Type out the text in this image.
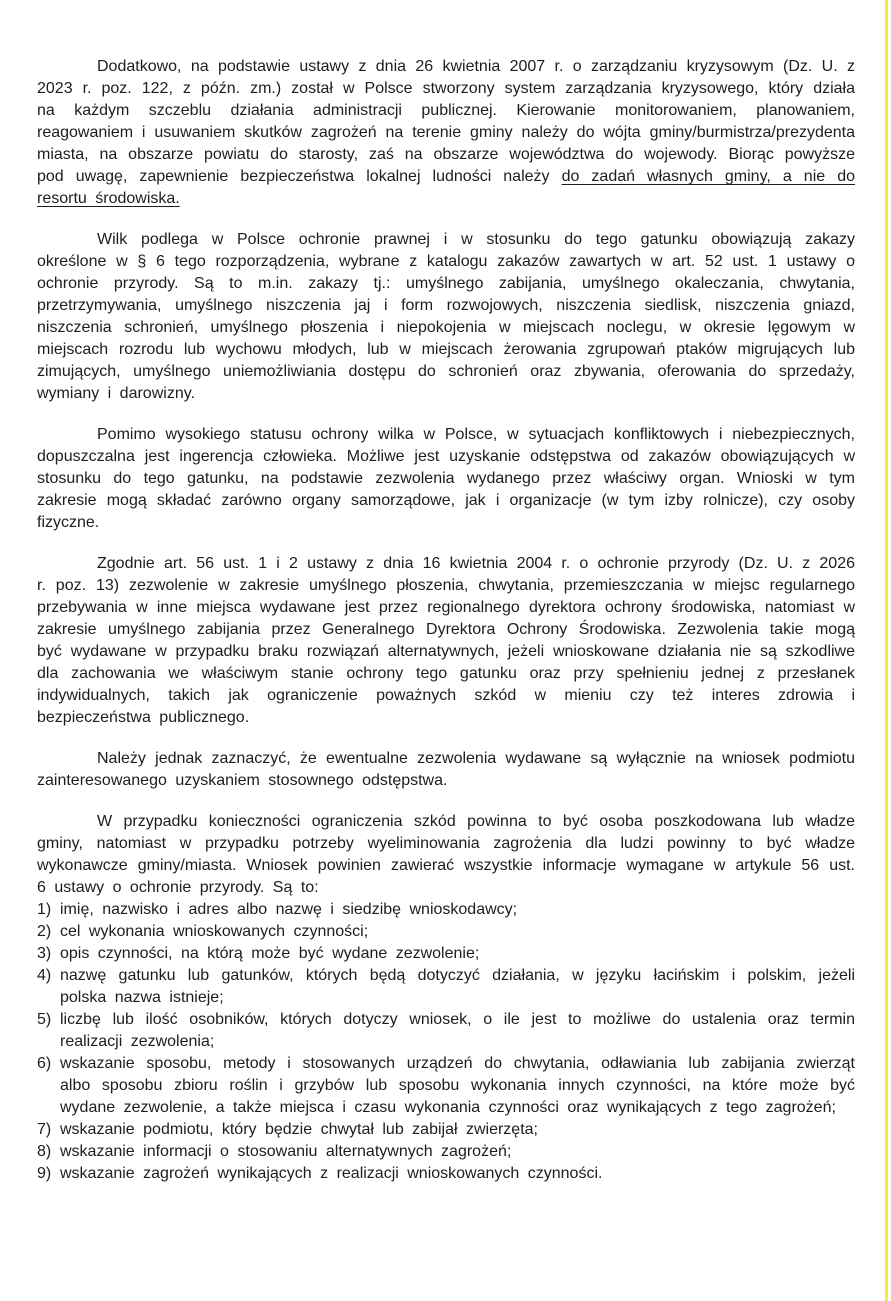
Dodatkowo, na podstawie ustawy z dnia 26 kwietnia 2007 r. o zarządzaniu kryzysowym (Dz. U. z 2023 r. poz. 122, z późn. zm.) został w Polsce stworzony system zarządzania kryzysowego, który działa na każdym szczeblu działania administracji publicznej. Kierowanie monitorowaniem, planowaniem, reagowaniem i usuwaniem skutków zagrożeń na terenie gminy należy do wójta gminy/burmistrza/prezydenta miasta, na obszarze powiatu do starosty, zaś na obszarze województwa do wojewody. Biorąc powyższe pod uwagę, zapewnienie bezpieczeństwa lokalnej ludności należy do zadań własnych gminy, a nie do resortu środowiska.

Wilk podlega w Polsce ochronie prawnej i w stosunku do tego gatunku obowiązują zakazy określone w § 6 tego rozporządzenia, wybrane z katalogu zakazów zawartych w art. 52 ust. 1 ustawy o ochronie przyrody. Są to m.in. zakazy tj.: umyślnego zabijania, umyślnego okaleczania, chwytania, przetrzymywania, umyślnego niszczenia jaj i form rozwojowych, niszczenia siedlisk, niszczenia gniazd, niszczenia schronień, umyślnego płoszenia i niepokojenia w miejscach noclegu, w okresie lęgowym w miejscach rozrodu lub wychowu młodych, lub w miejscach żerowania zgrupowań ptaków migrujących lub zimujących, umyślnego uniemożliwiania dostępu do schronień oraz zbywania, oferowania do sprzedaży, wymiany i darowizny.

Pomimo wysokiego statusu ochrony wilka w Polsce, w sytuacjach konfliktowych i niebezpiecznych, dopuszczalna jest ingerencja człowieka. Możliwe jest uzyskanie odstępstwa od zakazów obowiązujących w stosunku do tego gatunku, na podstawie zezwolenia wydanego przez właściwy organ. Wnioski w tym zakresie mogą składać zarówno organy samorządowe, jak i organizacje (w tym izby rolnicze), czy osoby fizyczne.

Zgodnie art. 56 ust. 1 i 2 ustawy z dnia 16 kwietnia 2004 r. o ochronie przyrody (Dz. U. z 2026 r. poz. 13) zezwolenie w zakresie umyślnego płoszenia, chwytania, przemieszczania w miejsc regularnego przebywania w inne miejsca wydawane jest przez regionalnego dyrektora ochrony środowiska, natomiast w zakresie umyślnego zabijania przez Generalnego Dyrektora Ochrony Środowiska. Zezwolenia takie mogą być wydawane w przypadku braku rozwiązań alternatywnych, jeżeli wnioskowane działania nie są szkodliwe dla zachowania we właściwym stanie ochrony tego gatunku oraz przy spełnieniu jednej z przesłanek indywidualnych, takich jak ograniczenie poważnych szkód w mieniu czy też interes zdrowia i bezpieczeństwa publicznego.

Należy jednak zaznaczyć, że ewentualne zezwolenia wydawane są wyłącznie na wniosek podmiotu zainteresowanego uzyskaniem stosownego odstępstwa.

W przypadku konieczności ograniczenia szkód powinna to być osoba poszkodowana lub władze gminy, natomiast w przypadku potrzeby wyeliminowania zagrożenia dla ludzi powinny to być władze wykonawcze gminy/miasta. Wniosek powinien zawierać wszystkie informacje wymagane w artykule 56 ust. 6 ustawy o ochronie przyrody. Są to:

1) imię, nazwisko i adres albo nazwę i siedzibę wnioskodawcy;
2) cel wykonania wnioskowanych czynności;
3) opis czynności, na którą może być wydane zezwolenie;
4) nazwę gatunku lub gatunków, których będą dotyczyć działania, w języku łacińskim i polskim, jeżeli polska nazwa istnieje;
5) liczbę lub ilość osobników, których dotyczy wniosek, o ile jest to możliwe do ustalenia oraz termin realizacji zezwolenia;
6) wskazanie sposobu, metody i stosowanych urządzeń do chwytania, odławiania lub zabijania zwierząt albo sposobu zbioru roślin i grzybów lub sposobu wykonania innych czynności, na które może być wydane zezwolenie, a także miejsca i czasu wykonania czynności oraz wynikających z tego zagrożeń;
7) wskazanie podmiotu, który będzie chwytał lub zabijał zwierzęta;
8) wskazanie informacji o stosowaniu alternatywnych zagrożeń;
9) wskazanie zagrożeń wynikających z realizacji wnioskowanych czynności.
